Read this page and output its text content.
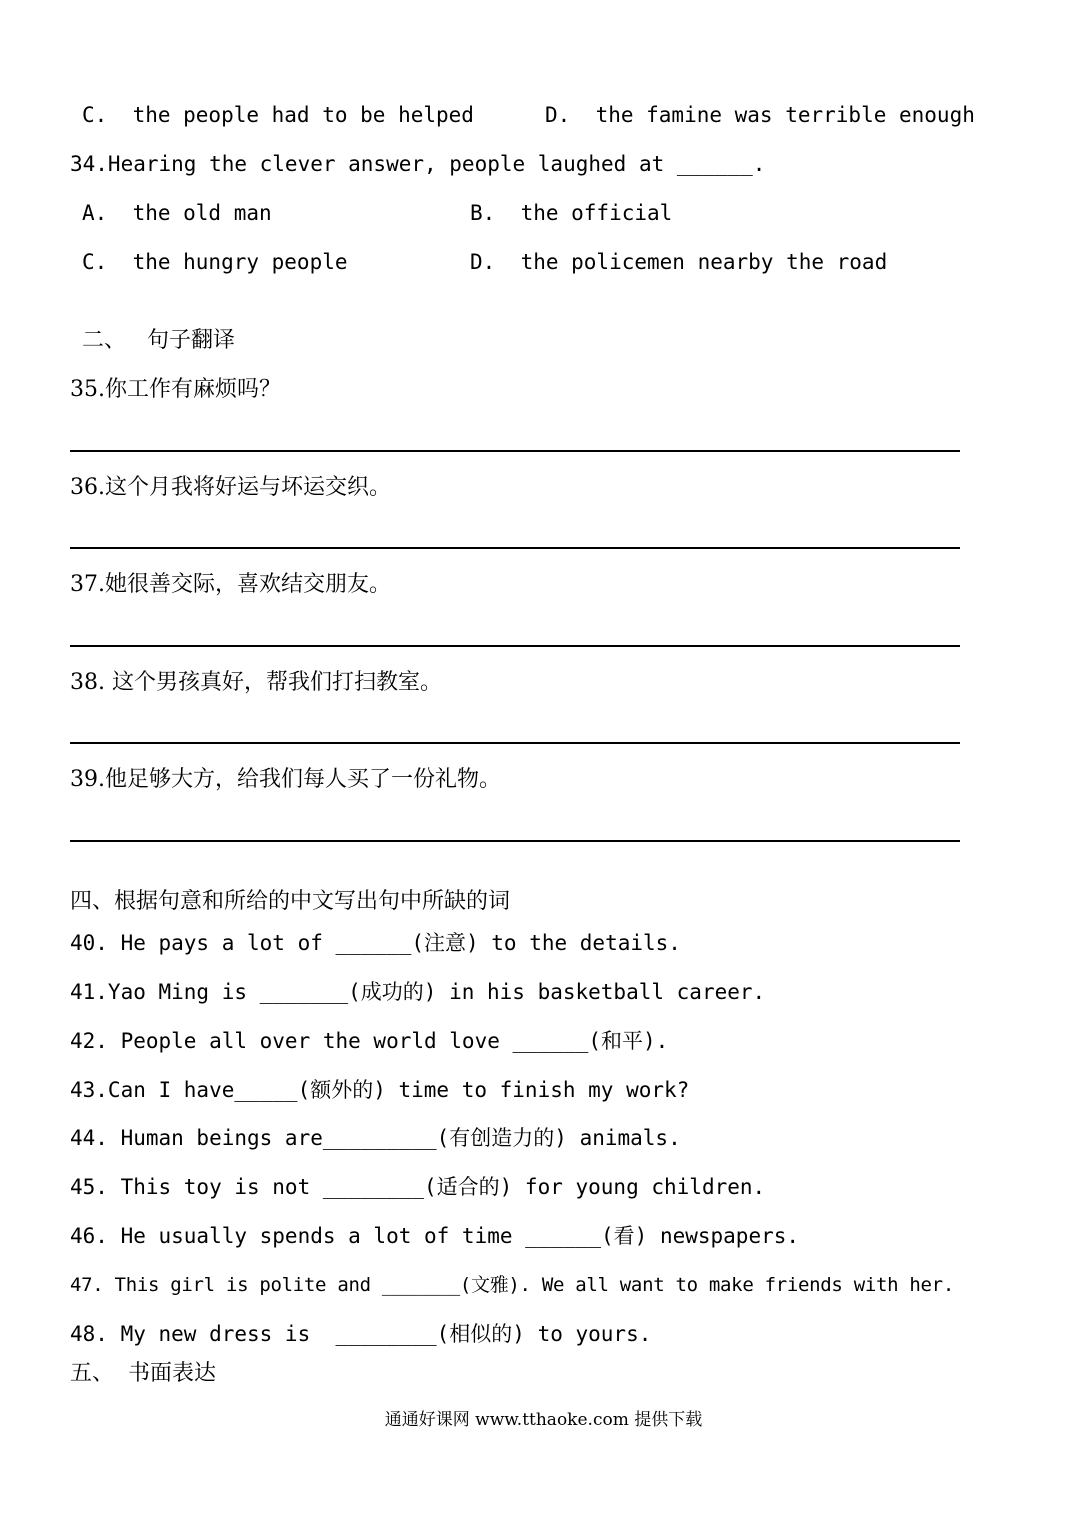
C.  the people had to be helped	D.  the famine was terrible enough
34.Hearing the clever answer, people laughed at ______.
A.  the old man	B.  the official
C.  the hungry people	D.  the policemen nearby the road
二、   句子翻译
35.你工作有麻烦吗？
36.这个月我将好运与坏运交织。
37.她很善交际，喜欢结交朋友。
38. 这个男孩真好，帮我们打扫教室。
39.他足够大方，给我们每人买了一份礼物。
四、根据句意和所给的中文写出句中所缺的词
40. He pays a lot of ______(注意) to the details.
41.Yao Ming is _______(成功的) in his basketball career.
42. People all over the world love ______(和平).
43.Can I have_____(额外的) time to finish my work?
44. Human beings are_________(有创造力的) animals.
45. This toy is not ________(适合的) for young children.
46. He usually spends a lot of time ______(看) newspapers.
47. This girl is polite and _______(文雅). We all want to make friends with her.
48. My new dress is  ________(相似的) to yours.
五、  书面表达
通通好课网 www.tthaoke.com 提供下载
